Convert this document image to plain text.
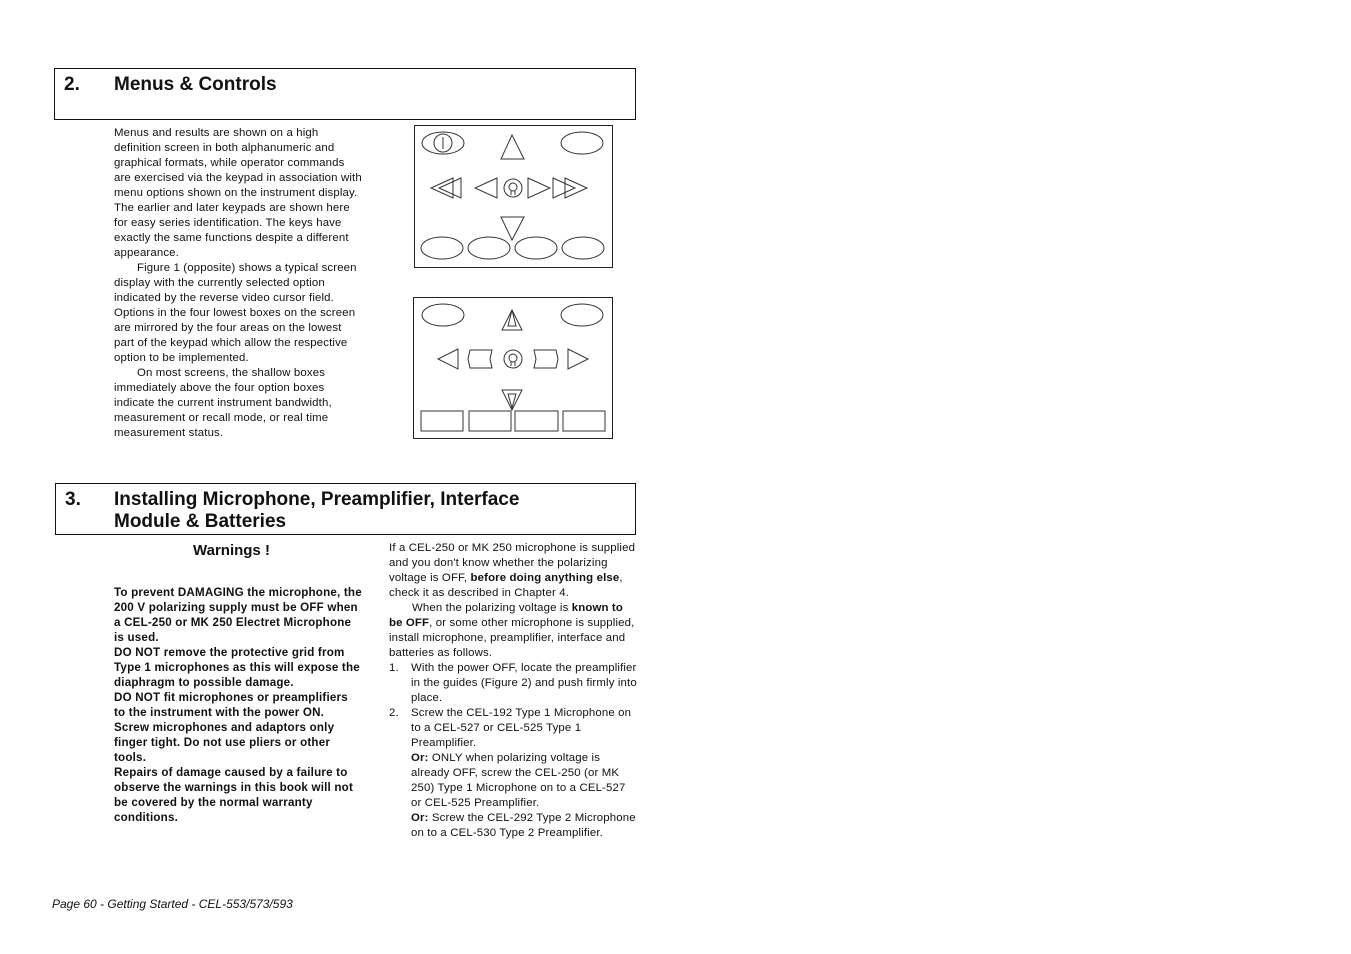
2. Menus & Controls

Menus and results are shown on a high definition screen in both alphanumeric and graphical formats, while operator commands are exercised via the keypad in association with menu options shown on the instrument display. The earlier and later keypads are shown here for easy series identification. The keys have exactly the same functions despite a different appearance.

Figure 1 (opposite) shows a typical screen display with the currently selected option indicated by the reverse video cursor field. Options in the four lowest boxes on the screen are mirrored by the four areas on the lowest part of the keypad which allow the respective option to be implemented.

On most screens, the shallow boxes immediately above the four option boxes indicate the current instrument bandwidth, measurement or recall mode, or real time measurement status.

3. Installing Microphone, Preamplifier, Interface
Module & Batteries
Warnings !

To prevent DAMAGING the microphone, the 200 V polarizing supply must be OFF when a CEL-250 or MK 250 Electret Microphone is used.

DO NOT remove the protective grid from Type 1 microphones as this will expose the diaphragm to possible damage.

DO NOT fit microphones or preamplifiers to the instrument with the power ON. Screw microphones and adaptors only finger tight. Do not use pliers or other tools.

Repairs of damage caused by a failure to observe the warnings in this book will not be covered by the normal warranty conditions.

If a CEL-250 or MK 250 microphone is supplied and you don't know whether the polarizing voltage is OFF, before doing anything else, check it as described in Chapter 4.

When the polarizing voltage is known to be OFF, or some other microphone is supplied, install microphone, preamplifier, interface and batteries as follows.

1.	With the power OFF, locate the preamplifier in the guides (Figure 2) and push firmly into place.
2.	Screw the CEL-192 Type 1 Microphone on to a CEL-527 or CEL-525 Type 1 Preamplifier.
Or: ONLY when polarizing voltage is already OFF, screw the CEL-250 (or MK 250) Type 1 Microphone on to a CEL-527 or CEL-525 Preamplifier.
Or: Screw the CEL-292 Type 2 Microphone on to a CEL-530 Type 2 Preamplifier.
Page 60 - Getting Started - CEL-553/573/593
